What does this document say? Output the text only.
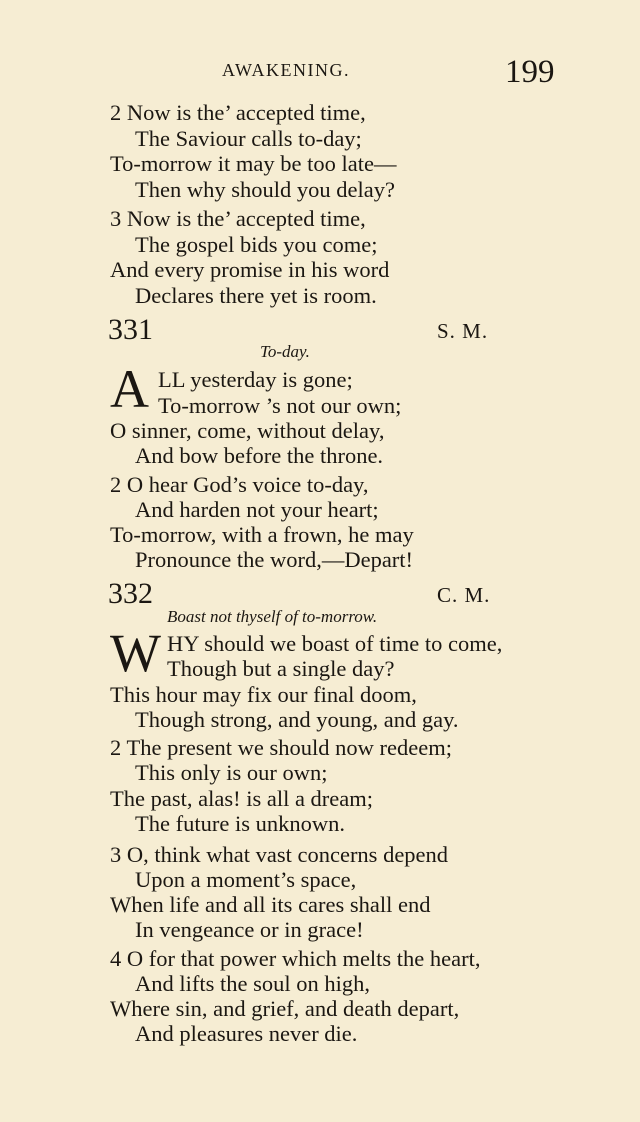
AWAKENING.	199
2 Now is the’ accepted time,
The Saviour calls to-day;
To-morrow it may be too late—
Then why should you delay?
3 Now is the’ accepted time,
The gospel bids you come;
And every promise in his word
Declares there yet is room.
331	S. M.
To-day.
A LL yesterday is gone;
To-morrow ’s not our own;
O sinner, come, without delay,
And bow before the throne.
2 O hear God’s voice to-day,
And harden not your heart;
To-morrow, with a frown, he may
Pronounce the word,—Depart!
332	C. M.
Boast not thyself of to-morrow.
W HY should we boast of time to come,
Though but a single day?
This hour may fix our final doom,
Though strong, and young, and gay.
2 The present we should now redeem;
This only is our own;
The past, alas! is all a dream;
The future is unknown.
3 O, think what vast concerns depend
Upon a moment’s space,
When life and all its cares shall end
In vengeance or in grace!
4 O for that power which melts the heart,
And lifts the soul on high,
Where sin, and grief, and death depart,
And pleasures never die.
